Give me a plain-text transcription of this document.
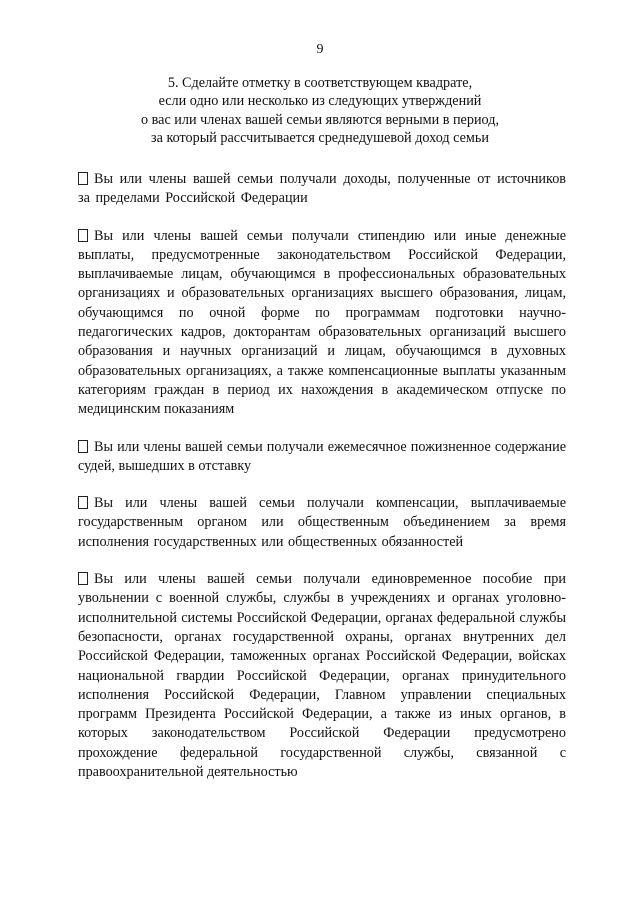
9
5. Сделайте отметку в соответствующем квадрате,
если одно или несколько из следующих утверждений
о вас или членах вашей семьи являются верными в период,
за который рассчитывается среднедушевой доход семьи
Вы или члены вашей семьи получали доходы, полученные от источников за пределами Российской Федерации
Вы или члены вашей семьи получали стипендию или иные денежные выплаты, предусмотренные законодательством Российской Федерации, выплачиваемые лицам, обучающимся в профессиональных образовательных организациях и образовательных организациях высшего образования, лицам, обучающимся по очной форме по программам подготовки научно-педагогических кадров, докторантам образовательных организаций высшего образования и научных организаций и лицам, обучающимся в духовных образовательных организациях, а также компенсационные выплаты указанным категориям граждан в период их нахождения в академическом отпуске по медицинским показаниям
Вы или члены вашей семьи получали ежемесячное пожизненное содержание судей, вышедших в отставку
Вы или члены вашей семьи получали компенсации, выплачиваемые государственным органом или общественным объединением за время исполнения государственных или общественных обязанностей
Вы или члены вашей семьи получали единовременное пособие при увольнении с военной службы, службы в учреждениях и органах уголовно-исполнительной системы Российской Федерации, органах федеральной службы безопасности, органах государственной охраны, органах внутренних дел Российской Федерации, таможенных органах Российской Федерации, войсках национальной гвардии Российской Федерации, органах принудительного исполнения Российской Федерации, Главном управлении специальных программ Президента Российской Федерации, а также из иных органов, в которых законодательством Российской Федерации предусмотрено прохождение федеральной государственной службы, связанной с правоохранительной деятельностью
